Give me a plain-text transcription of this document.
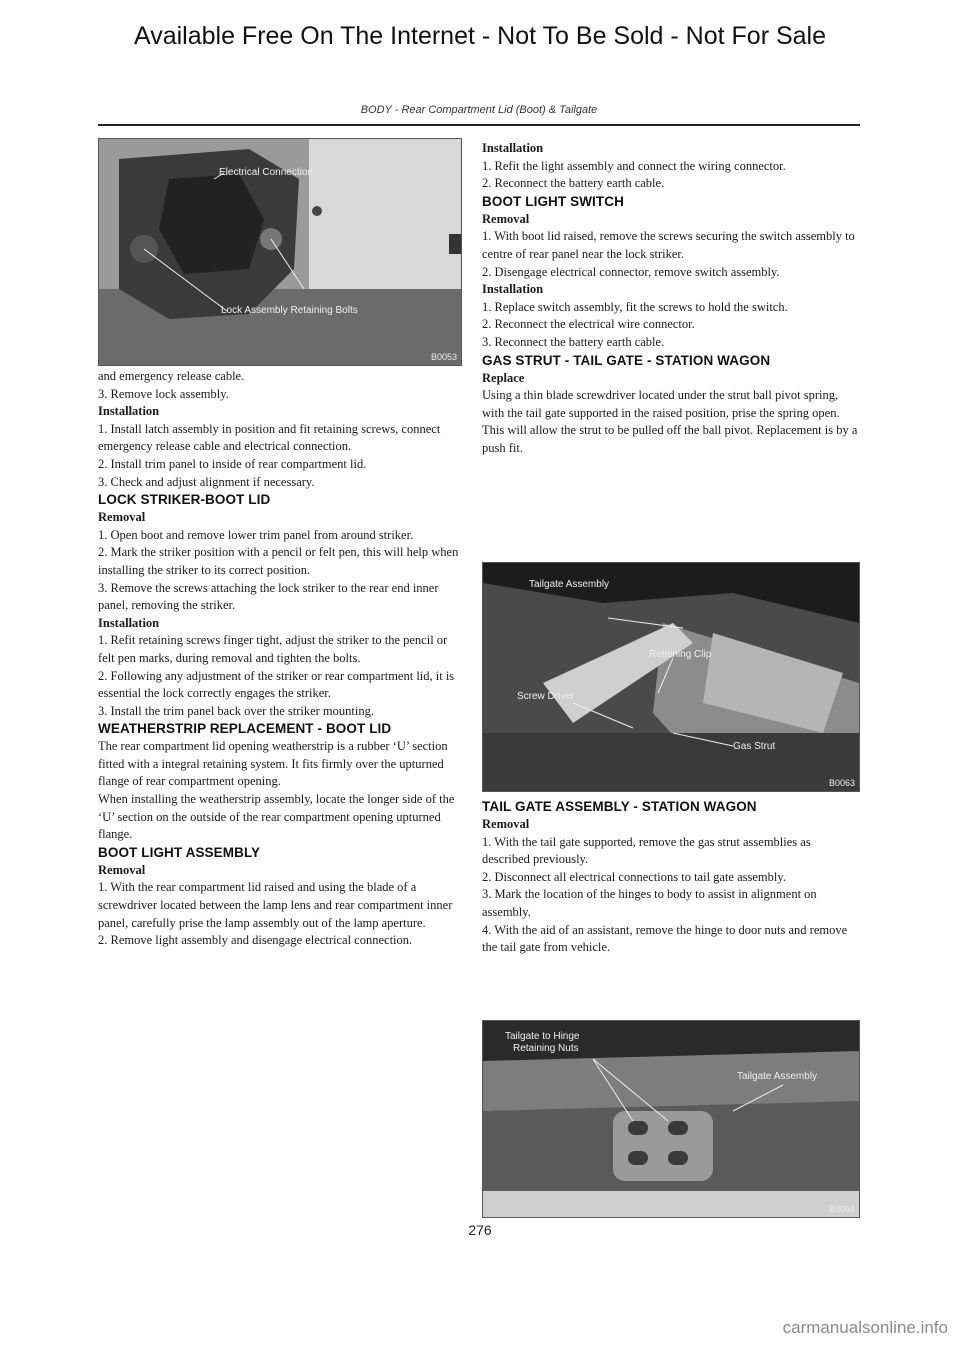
Available Free On The Internet - Not To Be Sold - Not For Sale
BODY - Rear Compartment Lid (Boot) & Tailgate
Electrical Connection
Lock Assembly Retaining Bolts
B0053

and emergency release cable.

3. Remove lock assembly.

Installation

1. Install latch assembly in position and fit retaining screws, connect emergency release cable and electrical connection.

2. Install trim panel to inside of rear compartment lid.

3. Check and adjust alignment if necessary.

LOCK STRIKER-BOOT LID

Removal

1. Open boot and remove lower trim panel from around striker.

2. Mark the striker position with a pencil or felt pen, this will help when installing the striker to its correct position.

3. Remove the screws attaching the lock striker to the rear end inner panel, removing the striker.

Installation

1. Refit retaining screws finger tight, adjust the striker to the pencil or felt pen marks, during removal and tighten the bolts.

2. Following any adjustment of the striker or rear compartment lid, it is essential the lock correctly engages the striker.

3. Install the trim panel back over the striker mounting.

WEATHERSTRIP REPLACEMENT - BOOT LID

The rear compartment lid opening weatherstrip is a rubber ‘U’ section fitted with a integral retaining system. It fits firmly over the upturned flange of rear compartment opening.

When installing the weatherstrip assembly, locate the longer side of the ‘U’ section on the outside of the rear compartment opening upturned flange.

BOOT LIGHT ASSEMBLY

Removal

1. With the rear compartment lid raised and using the blade of a screwdriver located between the lamp lens and rear compartment inner panel, carefully prise the lamp assembly out of the lamp aperture.

2. Remove light assembly and disengage electrical connection.

Installation

1. Refit the light assembly and connect the wiring connector.

2. Reconnect the battery earth cable.

BOOT LIGHT SWITCH

Removal

1. With boot lid raised, remove the screws securing the switch assembly to centre of rear panel near the lock striker.

2. Disengage electrical connector, remove switch assembly.

Installation

1. Replace switch assembly, fit the screws to hold the switch.

2. Reconnect the electrical wire connector.

3. Reconnect the battery earth cable.

GAS STRUT - TAIL GATE - STATION WAGON

Replace

Using a thin blade screwdriver located under the strut ball pivot spring, with the tail gate supported in the raised position, prise the spring open. This will allow the strut to be pulled off the ball pivot. Replacement is by a push fit.

Tailgate Assembly
Retaining Clip
Screw Driver
Gas Strut
B0063

TAIL GATE ASSEMBLY - STATION WAGON

Removal

1. With the tail gate supported, remove the gas strut assemblies as described previously.

2. Disconnect all electrical connections to tail gate assembly.

3. Mark the location of the hinges to body to assist in alignment on assembly.

4. With the aid of an assistant, remove the hinge to door nuts and remove the tail gate from vehicle.

Tailgate to Hinge
Retaining Nuts
Tailgate Assembly
B0064
276
carmanualsonline.info
